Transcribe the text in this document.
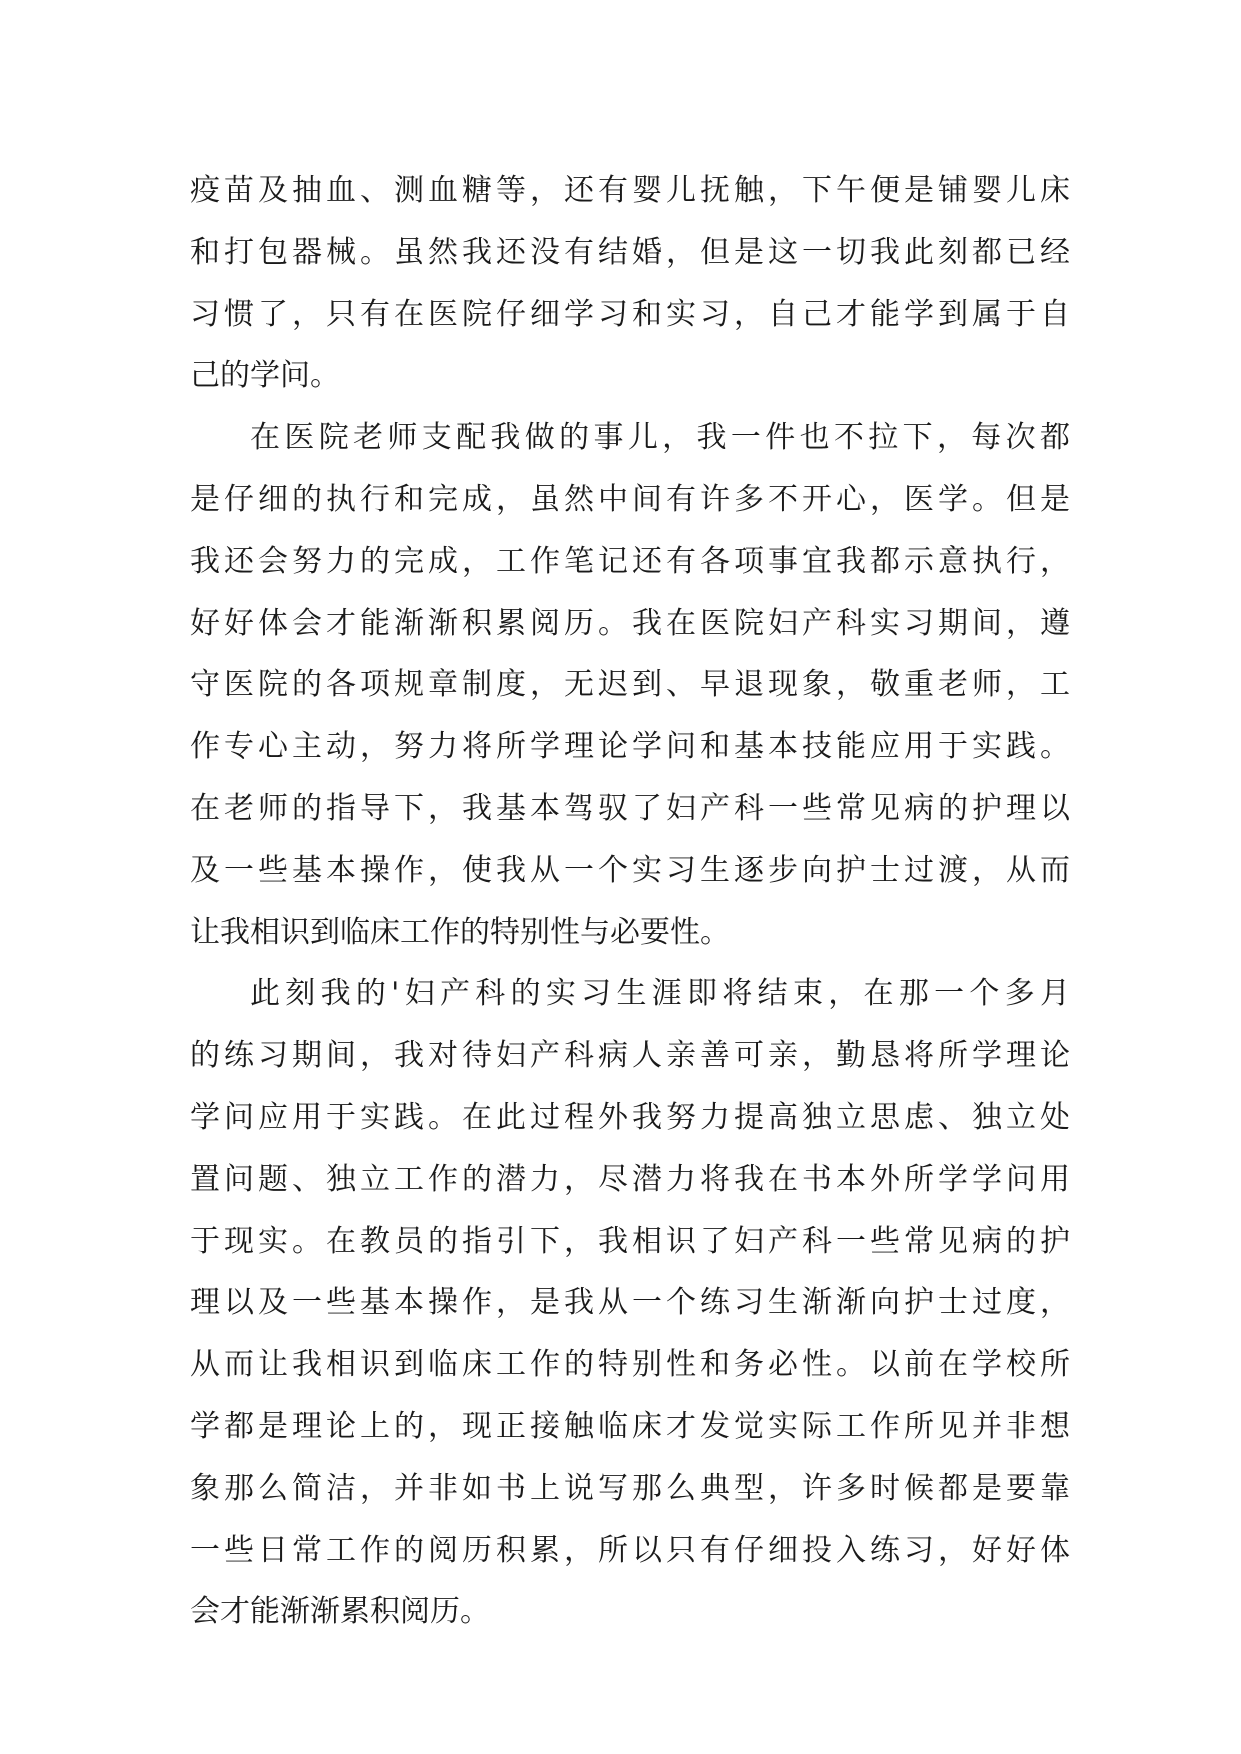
疫苗及抽血、测血糖等，还有婴儿抚触，下午便是铺婴儿床
和打包器械。虽然我还没有结婚，但是这一切我此刻都已经
习惯了，只有在医院仔细学习和实习，自己才能学到属于自
己的学问。
在医院老师支配我做的事儿，我一件也不拉下，每次都
是仔细的执行和完成，虽然中间有许多不开心，医学。但是
我还会努力的完成，工作笔记还有各项事宜我都示意执行，
好好体会才能渐渐积累阅历。我在医院妇产科实习期间，遵
守医院的各项规章制度，无迟到、早退现象，敬重老师，工
作专心主动，努力将所学理论学问和基本技能应用于实践。
在老师的指导下，我基本驾驭了妇产科一些常见病的护理以
及一些基本操作，使我从一个实习生逐步向护士过渡，从而
让我相识到临床工作的特别性与必要性。
此刻我的'妇产科的实习生涯即将结束，在那一个多月
的练习期间，我对待妇产科病人亲善可亲，勤恳将所学理论
学问应用于实践。在此过程外我努力提高独立思虑、独立处
置问题、独立工作的潜力，尽潜力将我在书本外所学学问用
于现实。在教员的指引下，我相识了妇产科一些常见病的护
理以及一些基本操作，是我从一个练习生渐渐向护士过度，
从而让我相识到临床工作的特别性和务必性。以前在学校所
学都是理论上的，现正接触临床才发觉实际工作所见并非想
象那么简洁，并非如书上说写那么典型，许多时候都是要靠
一些日常工作的阅历积累，所以只有仔细投入练习，好好体
会才能渐渐累积阅历。
